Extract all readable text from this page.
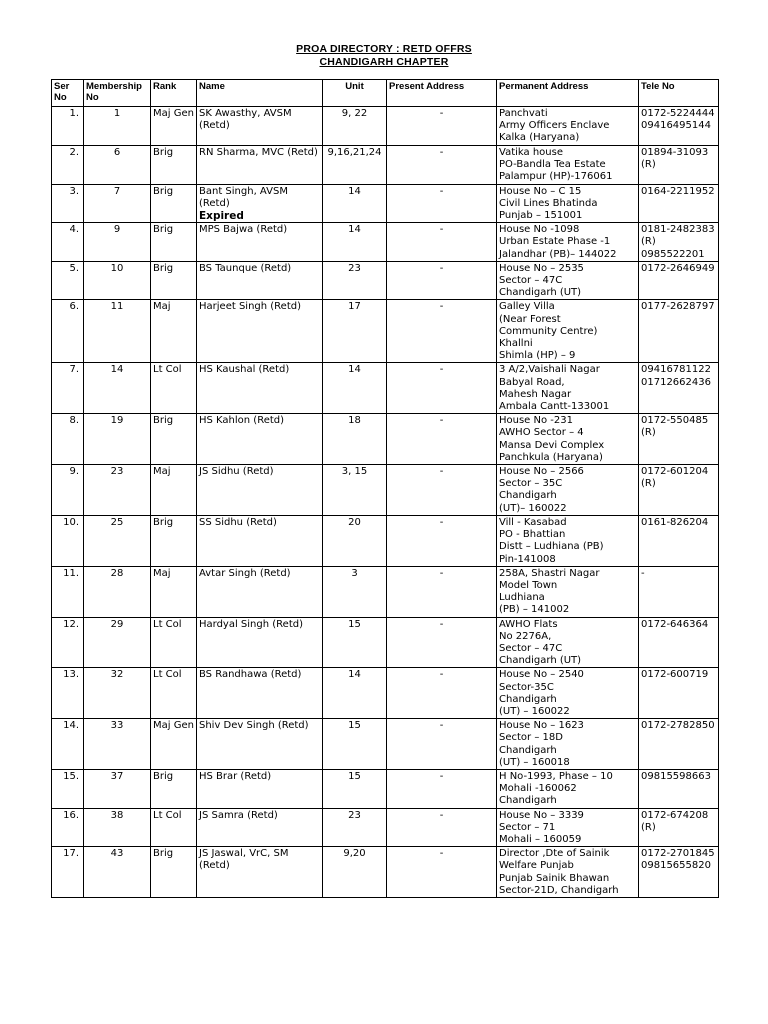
PROA DIRECTORY : RETD OFFRS
CHANDIGARH CHAPTER
Ser No	Membership No	Rank	Name	Unit	Present Address	Permanent Address	Tele No
1.	1	Maj Gen	SK Awasthy, AVSM (Retd)	9, 22	-	Panchvati
Army Officers Enclave
Kalka (Haryana)	0172-5224444
09416495144
2.	6	Brig	RN Sharma, MVC (Retd)	9,16,21,24	-	Vatika house
PO-Bandla Tea Estate
Palampur (HP)-176061	01894-31093 (R)
3.	7	Brig	Bant Singh, AVSM (Retd)
Expired	14	-	House No – C 15
Civil Lines Bhatinda
Punjab – 151001	0164-2211952
4.	9	Brig	MPS Bajwa (Retd)	14	-	House No -1098
Urban Estate Phase -1
Jalandhar (PB)– 144022	0181-2482383
(R)
0985522201
5.	10	Brig	BS Taunque (Retd)	23	-	House No – 2535
Sector – 47C
Chandigarh (UT)	0172-2646949
6.	11	Maj	Harjeet Singh (Retd)	17	-	Galley Villa
(Near Forest
Community Centre)
Khallni
Shimla (HP) – 9	0177-2628797
7.	14	Lt Col	HS Kaushal (Retd)	14	-	3 A/2,Vaishali Nagar
Babyal Road,
Mahesh Nagar
Ambala Cantt-133001	09416781122
01712662436
8.	19	Brig	HS Kahlon (Retd)	18	-	House No -231
AWHO Sector – 4
Mansa Devi Complex
Panchkula (Haryana)	0172-550485 (R)
9.	23	Maj	JS Sidhu (Retd)	3, 15	-	House No – 2566
Sector – 35C
Chandigarh
(UT)– 160022	0172-601204 (R)
10.	25	Brig	SS Sidhu (Retd)	20	-	Vill - Kasabad
PO - Bhattian
Distt – Ludhiana (PB)
Pin-141008	0161-826204
11.	28	Maj	Avtar Singh (Retd)	3	-	258A, Shastri Nagar
Model Town
Ludhiana
(PB) – 141002	-
12.	29	Lt Col	Hardyal Singh (Retd)	15	-	AWHO Flats
No 2276A,
Sector – 47C
Chandigarh (UT)	0172-646364
13.	32	Lt Col	BS Randhawa (Retd)	14	-	House No – 2540
Sector-35C
Chandigarh
(UT) – 160022	0172-600719
14.	33	Maj Gen	Shiv Dev Singh (Retd)	15	-	House No – 1623
Sector – 18D
Chandigarh
(UT) – 160018	0172-2782850
15.	37	Brig	HS Brar (Retd)	15	-	H No-1993, Phase – 10
Mohali -160062
Chandigarh	09815598663
16.	38	Lt Col	JS Samra (Retd)	23	-	House No – 3339
Sector – 71
Mohali – 160059	0172-674208 (R)
17.	43	Brig	JS Jaswal, VrC, SM (Retd)	9,20	-	Director ,Dte of Sainik
Welfare Punjab
Punjab Sainik Bhawan
Sector-21D, Chandigarh	0172-2701845
09815655820
